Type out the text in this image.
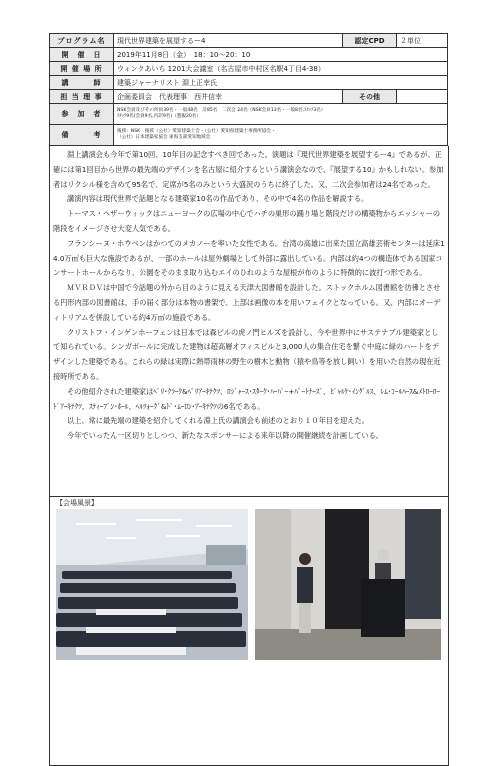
プログラム名	現代世界建築を展望するー4	認定CPD	２単位
開　催　日	2019年11月8日（金）　18：10～20：10		
開 催 場 所	ウィンクあいち 1201大会議室（名古屋市中村区名駅4丁目4-38）		
講　　　師	建築ジャーナリスト 淵上正幸氏		
担 当 理 事	企画委員会　代表理事　西井信幸	その他	
参　加　者	NSK会員及びその所員39名・一般48名　計85名　二次会 24名（NSK会員13名・一般8名,ｽﾀｯﾌ3名）
ｽﾀｯﾌ9名(会員9名,内訳9名)（懇親20名）		

備　　　考	後援：NSK　後援（公社）愛知建築士会・（公社）愛知県建築士事務所協会・
（公社）日本建築家協会 東海支部愛知地域会		

淵上講演会も今年で第10回、10年目の記念すべき回であった。演題は『現代世界建築を展望するー4』であるが、正確には第1回目から世界の最先端のデザインを名古屋に紹介するという講演会なので、『展望する10』かもしれない。参加者はリクシル様を含めて95名で、定席が5名のみという大盛況のうちに終了した。又、二次会参加者は24名であった。

講演内容は現代世界で話題となる建築家10名の作品であり、その中で4名の作品を解説する。

トーマス・ヘザーウィックはニューヨークの広場の中心でハチの巣形の踊り場と階段だけの構築物からエッシャーの階段をイメージさせ大変人気である。

フランシーヌ・ホウベンはかつてのメカノーを率いた女性である。台湾の高雄に出来た国立高雄芸術センターは延床14.0万㎡も巨大な施設であるが、一部のホールは屋外劇場として外部に露出している。内部は約4つの構造体である国家コンサートホールからなり、公園をそのまま取り込むエイのひれのような屋根が布のように特徴的に波打つ形である。

ＭＶＲＤＶは中国で今話題の外から目のように見える天津大図書館を設計した。ストックホルム図書館を彷彿とさせる円形内部の図書館は、手の届く部分は本物の書架で、上部は画像の本を用いフェイクとなっている。又、内部にオーディトリアムを併設している約4万㎡の施設である。

クリストフ・インゲンホーフェンは日本では森ビルの虎ノ門ヒルズを設計し、今や世界中にサステナブル建築家として知られている。シンガポールに完成した建物は超高層オフィスビルと3,000人の集合住宅を繋ぐ中庭に緑のハートをデザインした建築である。これらの緑は実際に熱帯雨林の野生の樹木と動物（猿や鳥等を放し飼い）を用いた自然の現在近接時所である。

その他紹介された建築家はﾍﾟﾘ･ｸﾗｰｸ&ﾍﾟﾘｱｰｷﾃｸﾂ、ﾛｼﾞｬｰｽ･ｽﾀｰｸ･ﾊｰﾊﾟｰ+ﾊﾟｰﾄﾅｰｽﾞ、ﾋﾞｬﾙｹ･ｲﾝｸﾞﾙｽ、ﾚﾑ･ｺｰﾙﾊｰｽ&ﾒﾄﾛｰﾛｰﾄﾞｱｰｷﾃｸﾂ、ｽﾃｨｰﾌﾞﾝ･ﾎｰﾙ、ﾍﾙﾂｫｰｸﾞ&ﾄﾞ･ﾑｰﾛﾝ･ｱｰｷﾃｸﾂの6名である。

以上、常に最先端の建築を紹介してくれる淵上氏の講演会も前述のとおり１０年目を迎えた。

今年でいったん一区切りとしつつ、新たなスポンサーによる来年以降の開催継続を計画している。

【会場風景】
